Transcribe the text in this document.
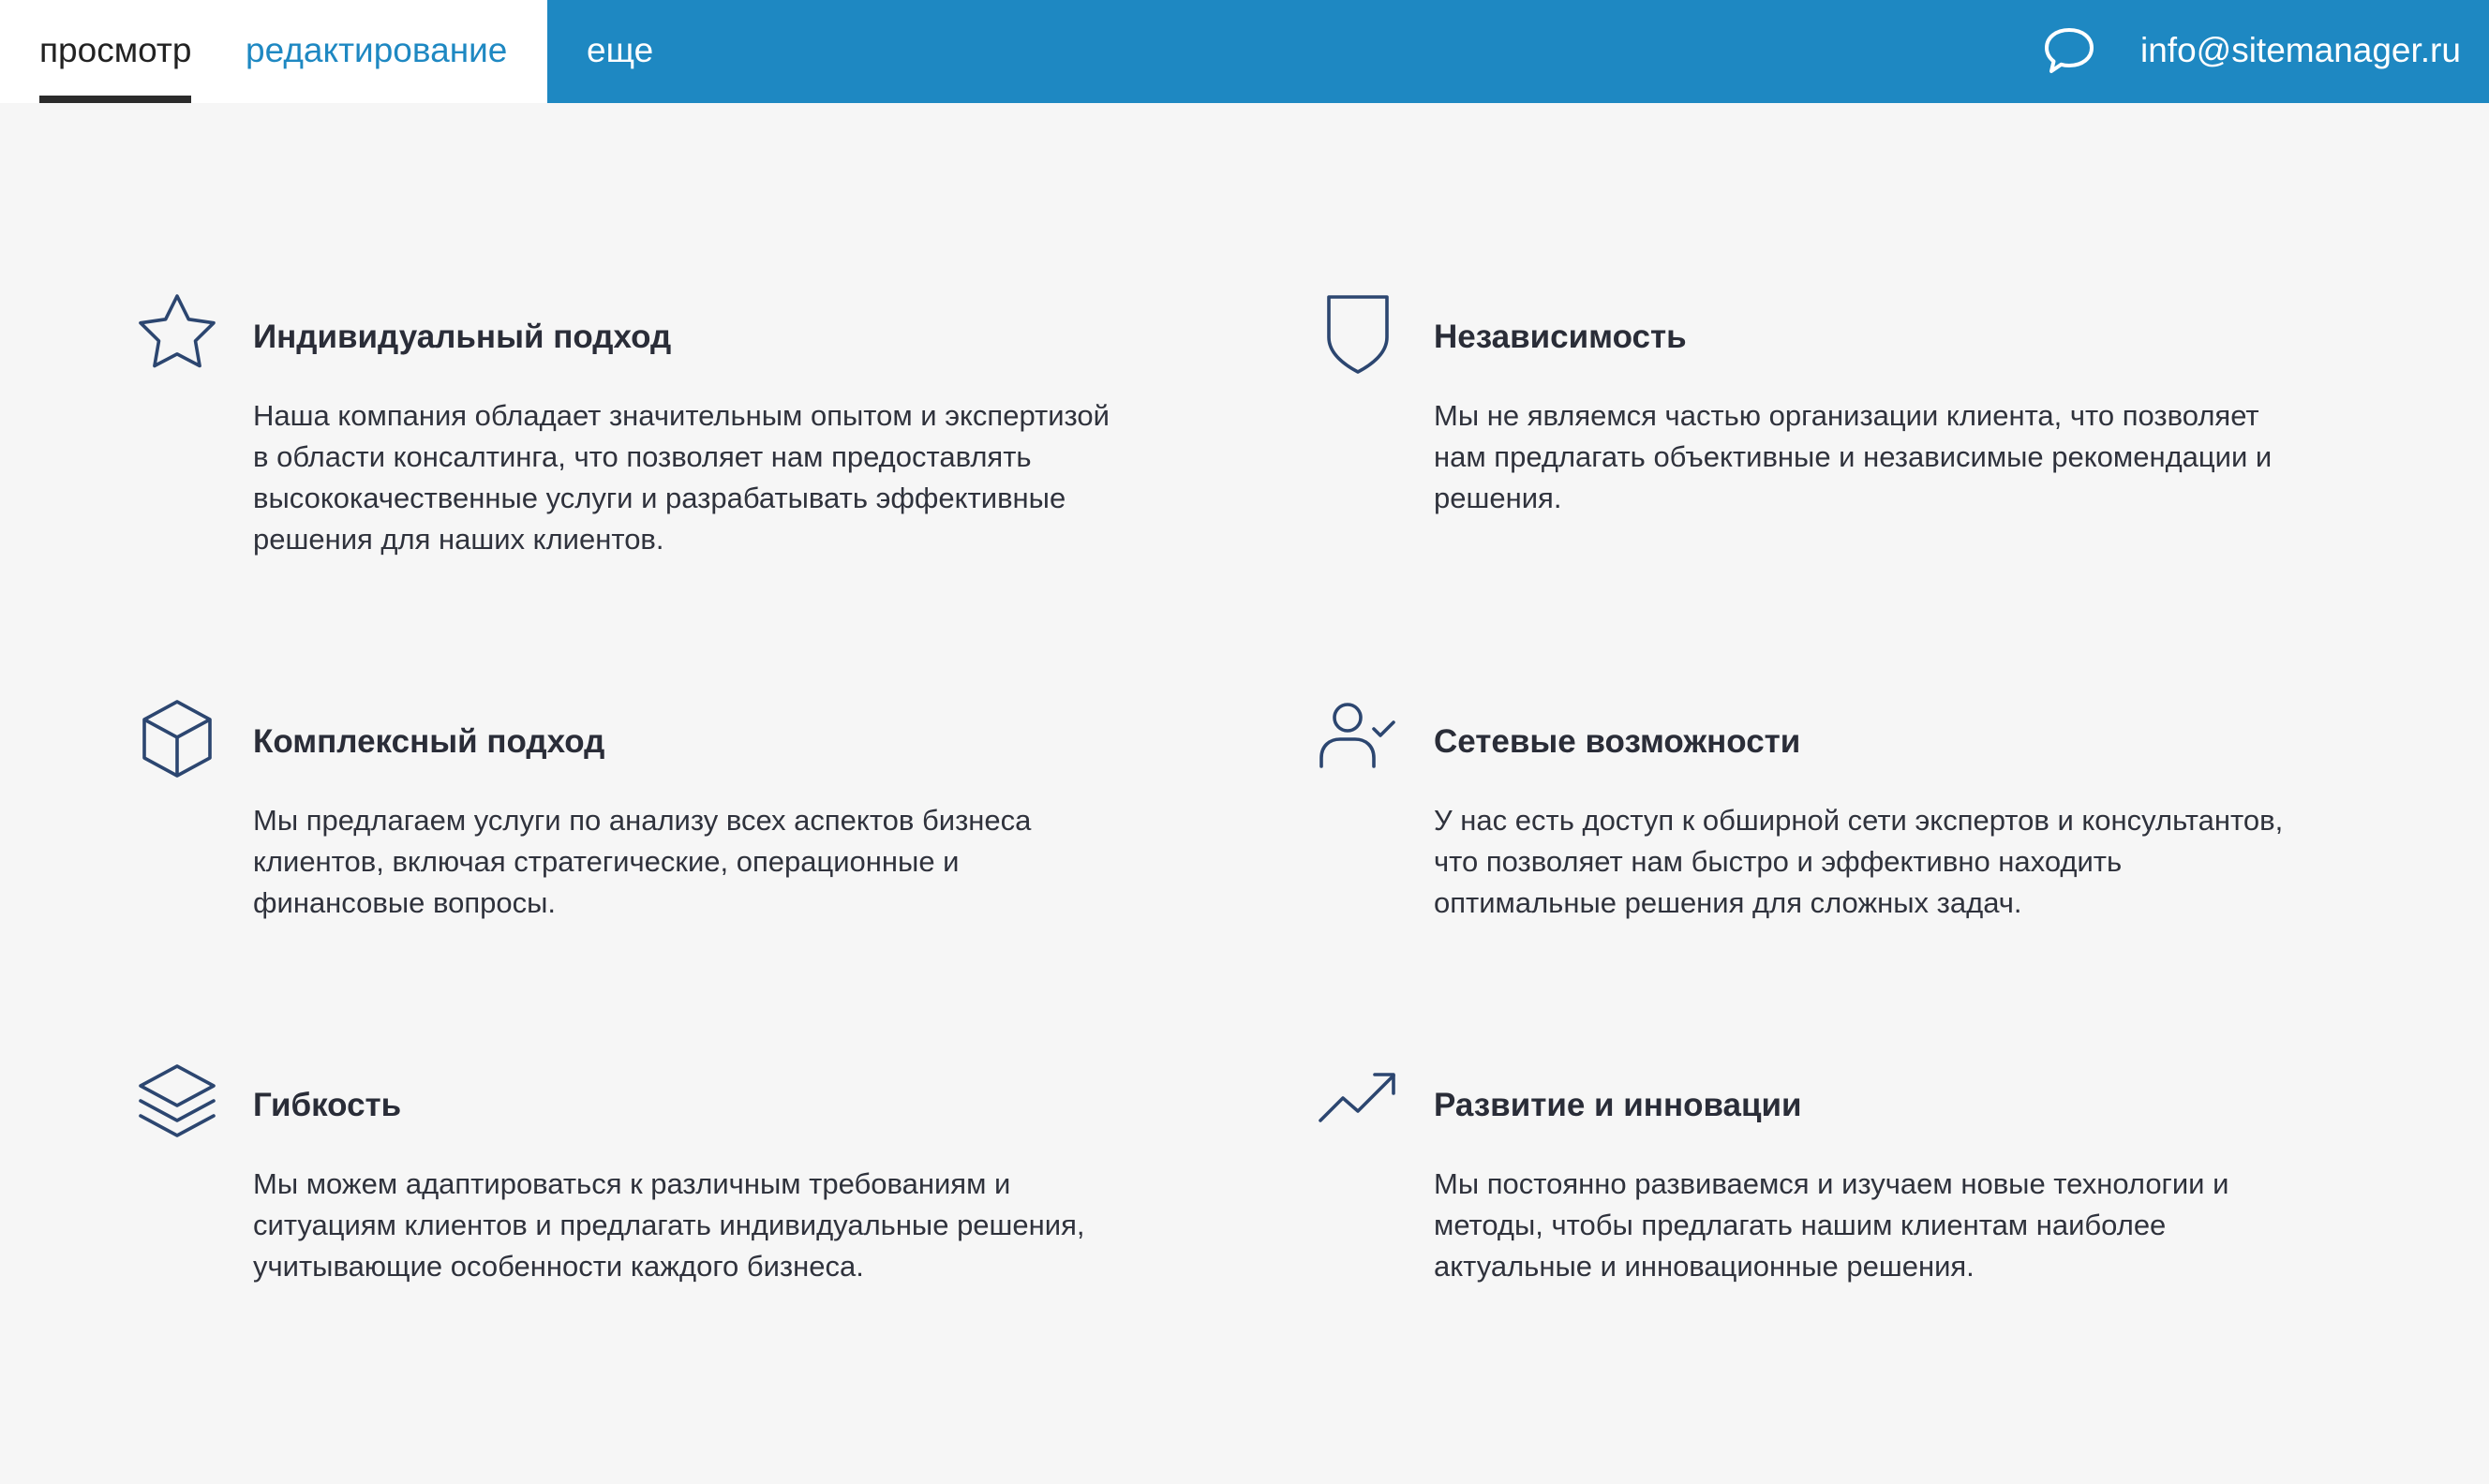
просмотр редактирование еще	info@sitemanager.ru
Индивидуальный подход

Наша компания обладает значительным опытом и экспертизой
в области консалтинга, что позволяет нам предоставлять
высококачественные услуги и разрабатывать эффективные
решения для наших клиентов.

Независимость

Мы не являемся частью организации клиента, что позволяет
нам предлагать объективные и независимые рекомендации и
решения.

Комплексный подход

Мы предлагаем услуги по анализу всех аспектов бизнеса
клиентов, включая стратегические, операционные и
финансовые вопросы.

Сетевые возможности

У нас есть доступ к обширной сети экспертов и консультантов,
что позволяет нам быстро и эффективно находить
оптимальные решения для сложных задач.

Гибкость

Мы можем адаптироваться к различным требованиям и
ситуациям клиентов и предлагать индивидуальные решения,
учитывающие особенности каждого бизнеса.

Развитие и инновации

Мы постоянно развиваемся и изучаем новые технологии и
методы, чтобы предлагать нашим клиентам наиболее
актуальные и инновационные решения.
